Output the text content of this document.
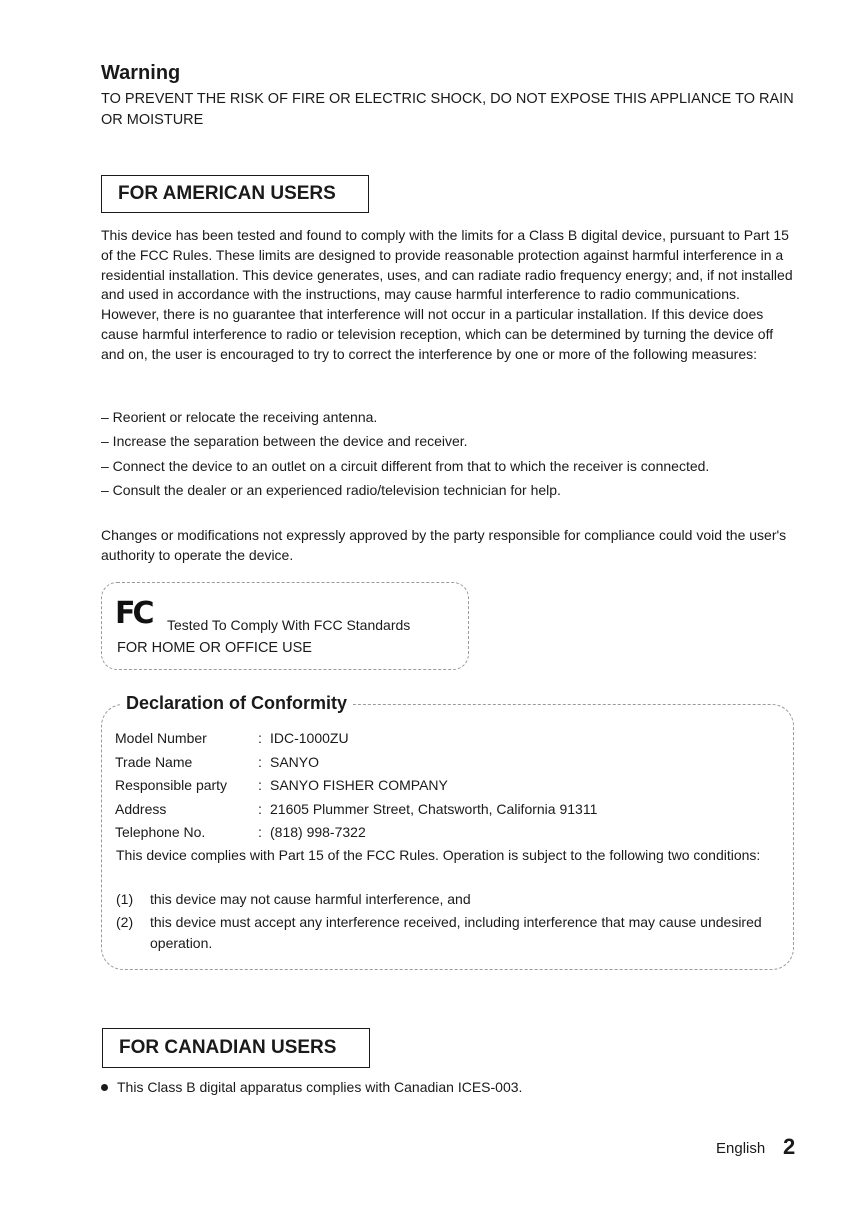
Warning
TO PREVENT THE RISK OF FIRE OR ELECTRIC SHOCK, DO NOT EXPOSE THIS APPLIANCE TO RAIN OR MOISTURE
FOR AMERICAN USERS
This device has been tested and found to comply with the limits for a Class B digital device, pursuant to Part 15 of the FCC Rules. These limits are designed to provide reasonable protection against harmful interference in a residential installation. This device generates, uses, and can radiate radio frequency energy; and, if not installed and used in accordance with the instructions, may cause harmful interference to radio communications. However, there is no guarantee that interference will not occur in a particular installation. If this device does cause harmful interference to radio or television reception, which can be determined by turning the device off and on, the user is encouraged to try to correct the interference by one or more of the following measures:
– Reorient or relocate the receiving antenna.
– Increase the separation between the device and receiver.
– Connect the device to an outlet on a circuit different from that to which the receiver is connected.
– Consult the dealer or an experienced radio/television technician for help.
Changes or modifications not expressly approved by the party responsible for compliance could void the user's authority to operate the device.
FC Tested To Comply With FCC Standards
FOR HOME OR OFFICE USE
Declaration of Conformity
Model Number	: IDC-1000ZU
Trade Name	: SANYO
Responsible party	: SANYO FISHER COMPANY
Address	: 21605 Plummer Street, Chatsworth, California 91311
Telephone No.	: (818) 998-7322
This device complies with Part 15 of the FCC Rules. Operation is subject to the following two conditions:
(1)	this device may not cause harmful interference, and
(2)	this device must accept any interference received, including interference that may cause undesired operation.
FOR CANADIAN USERS
This Class B digital apparatus complies with Canadian ICES-003.
English 2
